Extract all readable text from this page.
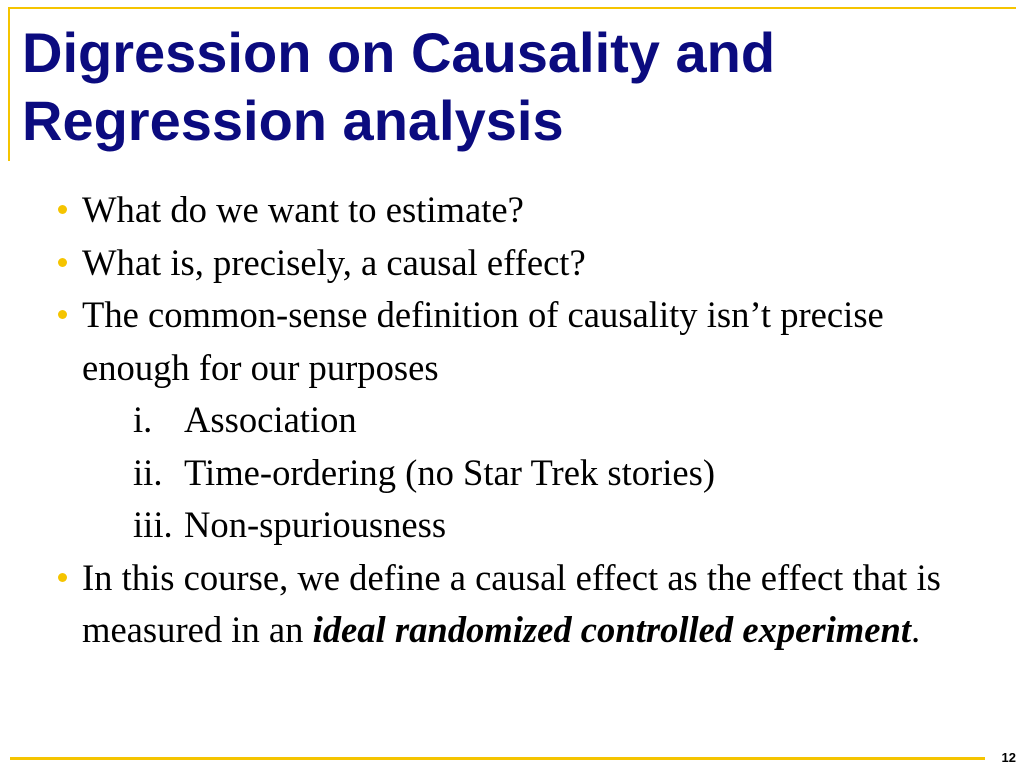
Digression on Causality and Regression analysis
What do we want to estimate?
What is, precisely, a causal effect?
The common-sense definition of causality isn’t precise
enough for our purposes
i. Association
ii. Time-ordering (no Star Trek stories)
iii. Non-spuriousness
In this course, we define a causal effect as the effect that is
measured in an ideal randomized controlled experiment.
12
